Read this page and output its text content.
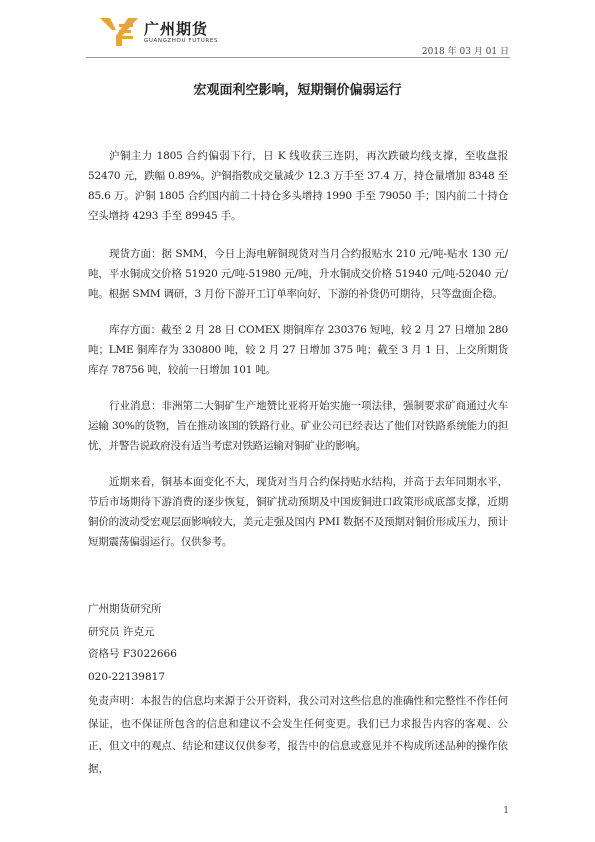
广州期货
GUANGZHOU FUTURES
2018 年 03 月 01 日
宏观面利空影响，短期铜价偏弱运行

沪铜主力 1805 合约偏弱下行，日 K 线收获三连阴，再次跌破均线支撑，至收盘报 52470 元，跌幅 0.89%。沪铜指数成交量减少 12.3 万手至 37.4 万，持仓量增加 8348 至 85.6 万。沪铜 1805 合约国内前二十持仓多头增持 1990 手至 79050 手；国内前二十持仓空头增持 4293 手至 89945 手。

现货方面：据 SMM，今日上海电解铜现货对当月合约报贴水 210 元/吨-贴水 130 元/吨，平水铜成交价格 51920 元/吨-51980 元/吨，升水铜成交价格 51940 元/吨-52040 元/吨。根据 SMM 调研，3 月份下游开工订单率向好，下游的补货仍可期待，只等盘面企稳。

库存方面：截至 2 月 28 日 COMEX 期铜库存 230376 短吨，较 2 月 27 日增加 280 吨；LME 铜库存为 330800 吨，较 2 月 27 日增加 375 吨；截至 3 月 1 日，上交所期货库存 78756 吨，较前一日增加 101 吨。

行业消息：非洲第二大铜矿生产地赞比亚将开始实施一项法律，强制要求矿商通过火车运输 30%的货物，旨在推动该国的铁路行业。矿业公司已经表达了他们对铁路系统能力的担忧，并警告说政府没有适当考虑对铁路运输对铜矿业的影响。

近期来看，铜基本面变化不大，现货对当月合约保持贴水结构，并高于去年同期水平，节后市场期待下游消费的逐步恢复，铜矿扰动预期及中国废铜进口政策形成底部支撑，近期铜价的波动受宏观层面影响较大，美元走强及国内 PMI 数据不及预期对铜价形成压力，预计短期震荡偏弱运行。仅供参考。

广州期货研究所
研究员 许克元
资格号 F3022666
020-22139817
免责声明：本报告的信息均来源于公开资料，我公司对这些信息的准确性和完整性不作任何保证，也不保证所包含的信息和建议不会发生任何变更。我们已力求报告内容的客观、公正，但文中的观点、结论和建议仅供参考，报告中的信息或意见并不构成所述品种的操作依据，
1
